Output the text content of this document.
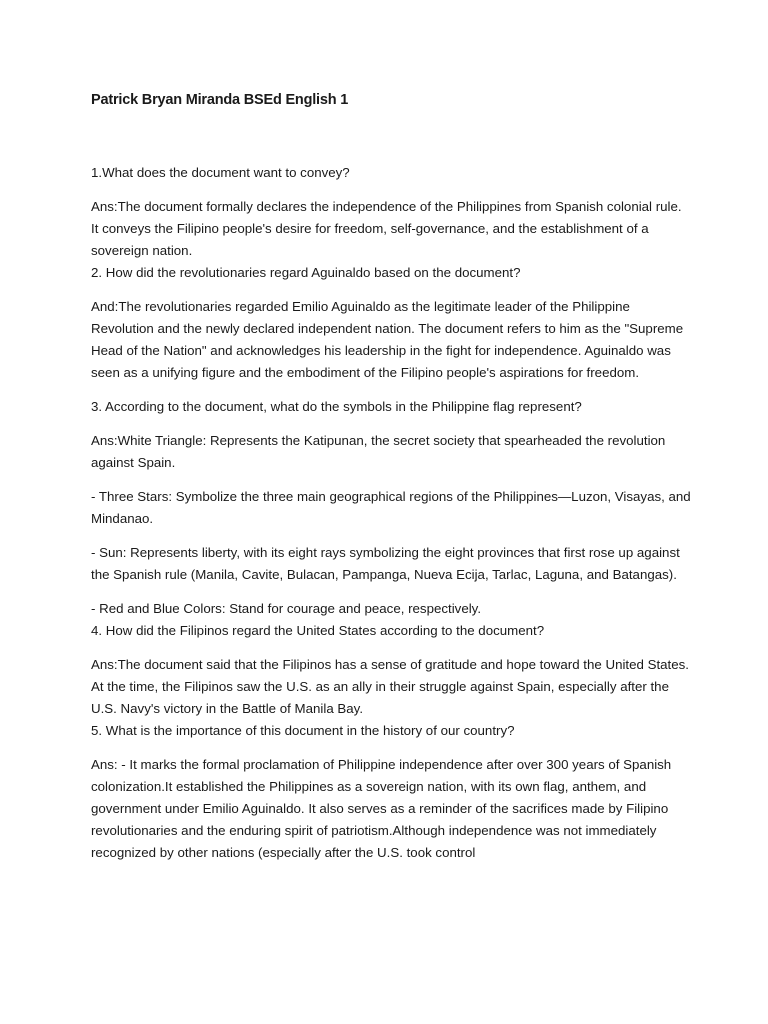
Patrick Bryan Miranda BSEd English 1

1.What does the document want to convey?

Ans:The document formally declares the independence of the Philippines from Spanish colonial rule. It conveys the Filipino people's desire for freedom, self-governance, and the establishment of a sovereign nation.

2. How did the revolutionaries regard Aguinaldo based on the document?

And:The revolutionaries regarded Emilio Aguinaldo as the legitimate leader of the Philippine Revolution and the newly declared independent nation. The document refers to him as the "Supreme Head of the Nation" and acknowledges his leadership in the fight for independence. Aguinaldo was seen as a unifying figure and the embodiment of the Filipino people's aspirations for freedom.

3. According to the document, what do the symbols in the Philippine flag represent?

Ans:White Triangle: Represents the Katipunan, the secret society that spearheaded the revolution against Spain.

- Three Stars: Symbolize the three main geographical regions of the Philippines—Luzon, Visayas, and Mindanao.

- Sun: Represents liberty, with its eight rays symbolizing the eight provinces that first rose up against the Spanish rule (Manila, Cavite, Bulacan, Pampanga, Nueva Ecija, Tarlac, Laguna, and Batangas).

- Red and Blue Colors: Stand for courage and peace, respectively.

4. How did the Filipinos regard the United States according to the document?

Ans:The document said that the Filipinos has a sense of gratitude and hope toward the United States. At the time, the Filipinos saw the U.S. as an ally in their struggle against Spain, especially after the U.S. Navy's victory in the Battle of Manila Bay.

5. What is the importance of this document in the history of our country?

Ans: - It marks the formal proclamation of Philippine independence after over 300 years of Spanish colonization.It established the Philippines as a sovereign nation, with its own flag, anthem, and government under Emilio Aguinaldo. It also serves as a reminder of the sacrifices made by Filipino revolutionaries and the enduring spirit of patriotism.Although independence was not immediately recognized by other nations (especially after the U.S. took control
